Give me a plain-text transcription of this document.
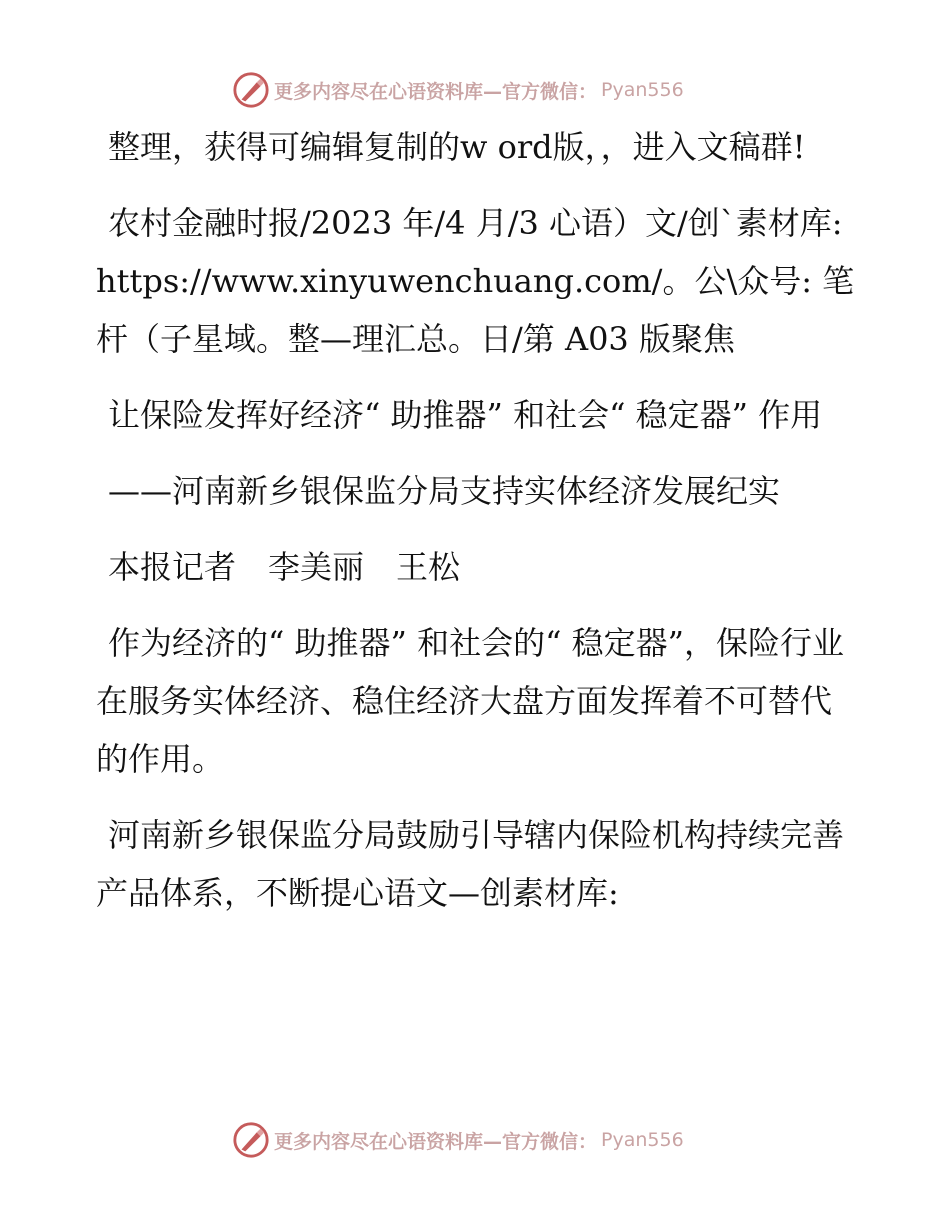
更多内容尽在心语资料库—官方微信： Pyan556

整理，获得可编辑复制的w ord版，，进入文稿群!

农村金融时报/2023 年/4 月/3 心语）文/创`素材库: https://www.xinyuwenchuang.com/。公\众号: 笔杆（子星域。整—理汇总。日/第 A03 版聚焦

让保险发挥好经济“ 助推器” 和社会“ 稳定器” 作用

——河南新乡银保监分局支持实体经济发展纪实

本报记者　李美丽　王松

作为经济的“ 助推器” 和社会的“ 稳定器”，保险行业在服务实体经济、稳住经济大盘方面发挥着不可替代的作用。

河南新乡银保监分局鼓励引导辖内保险机构持续完善产品体系，不断提心语文—创素材库:

更多内容尽在心语资料库—官方微信： Pyan556
